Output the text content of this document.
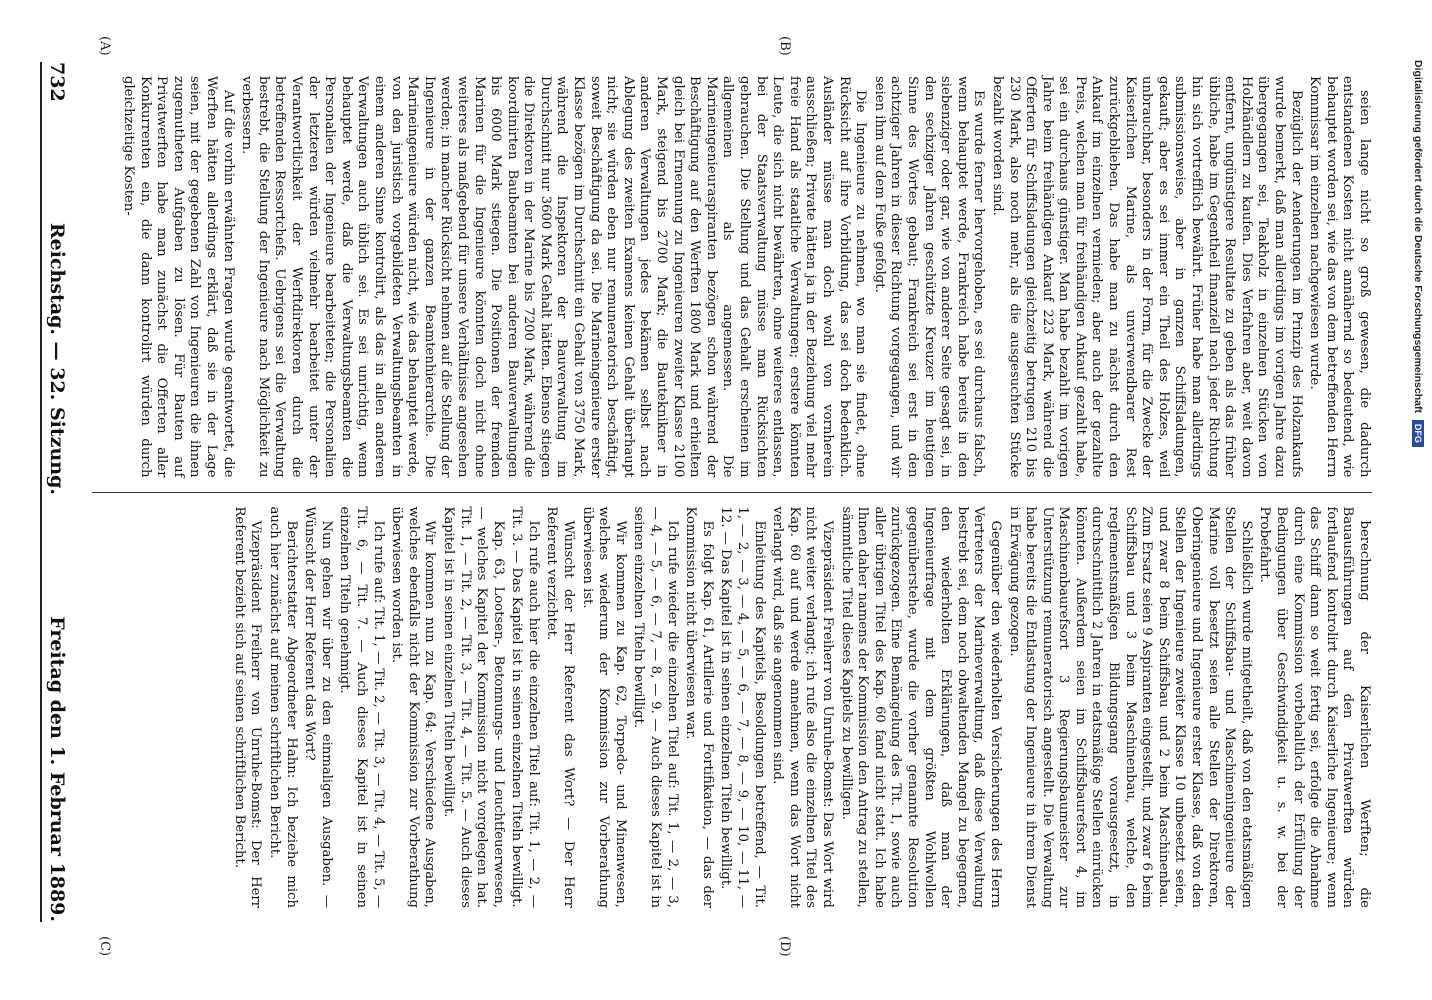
Digitalisierung gefördert durch die Deutsche Forschungsgemeinschaft DFG

seien lange nicht so groß gewesen, die dadurch entstandenen Kosten nicht annähernd so bedeutend, wie behauptet worden sei, wie das von dem betreffenden Herrn Kommissar im einzelnen nachgewiesen wurde.

Bezüglich der Aenderungen im Prinzip des Holzankaufs wurde bemerkt, daß man allerdings im vorigen Jahre dazu übergegangen sei, Teakholz in einzelnen Stücken von Holzhändlern zu kaufen. Dies Verfahren aber, weit davon entfernt, ungünstigere Resultate zu geben als das früher übliche, habe im Gegentheil finanziell nach jeder Richtung hin sich vortrefflich bewährt. Früher habe man allerdings submissionsweise, aber in ganzen Schiffsladungen, gekauft; aber es sei immer ein Theil des Holzes, weil unbrauchbar, besonders in der Form, für die Zwecke der Kaiserlichen Marine, als unverwendbarer Rest zurückgeblieben. Das habe man zu nächst durch den Ankauf im einzelnen vermieden; aber auch der gezahlte Preis, welchen man für freihändigen Ankauf gezahlt habe, sei ein durchaus günstiger. Man habe bezahlt im vorigen Jahre beim freihändigen Ankauf 223 Mark, während die Offerten für Schiffsladungen gleichzeitig betrugen 210 bis 230 Mark, also noch mehr, als die ausgesuchten Stücke bezahlt worden sind.

Es wurde ferner hervorgehoben, es sei durchaus falsch, wenn behauptet werde, Frankreich habe bereits in den siebenziger oder gar, wie von anderer Seite gesagt sei, in den sechziger Jahren geschützte Kreuzer im heutigen Sinne des Wortes gebaut; Frankreich sei erst in den achtziger Jahren in dieser Richtung vorgegangen, und wir seien ihm auf dem Fuße gefolgt.

Die Ingenieure zu nehmen, wo man sie findet, ohne Rücksicht auf ihre Vorbildung, das sei doch bedenklich. Ausländer müsse man doch wohl von vornherein ausschließen; Private hätten ja in der Beziehung viel mehr freie Hand als staatliche Verwaltungen; erstere könnten Leute, die sich nicht bewährten, ohne weiteres entlassen, bei der Staatsverwaltung müsse man Rücksichten gebrauchen. Die Stellung und das Gehalt erscheinen im allgemeinen als angemessen. Die Marineingenieuraspiranten bezögen schon während der Beschäftigung auf den Werften 1800 Mark und erhielten gleich bei Ernennung zu Ingenieuren zweiter Klasse 2100 Mark, steigend bis 2700 Mark; die Bauteknikner in anderen Verwaltungen jedes bekämen selbst nach Ablegung des zweiten Examens keinen Gehalt überhaupt nicht; sie würden eben nur remuneratorisch beschäftigt, soweit Beschäftigung da sei. Die Marineingenieure erster Klasse bezögen im Durchschnitt ein Gehalt von 3750 Mark, während die Inspektoren der Bauverwaltung im Durchschnitt nur 3600 Mark Gehalt hätten. Ebenso stiegen die Direktoren in der Marine bis 7200 Mark, während die koordinirten Baubeamten bei anderen Bauverwaltungen bis 6000 Mark stiegen. Die Positionen der fremden Marinen für die Ingenieure könnten doch nicht ohne weiteres als maßgebend für unsere Verhältnisse angesehen werden; in mancher Rücksicht nehmen auf die Stellung der Ingenieure in der ganzen Beamtenhierarchie. Die Marineingenieure würden nicht, wie das behauptet werde, von den juristisch vorgebildeten Verwaltungsbeamten in einem anderen Sinne kontrolirt, als das in allen anderen Verwaltungen auch üblich sei. Es sei unrichtig, wenn behauptet werde, daß die Verwaltungsbeamten die Personalien der Ingenieure bearbeiteten; die Personalien der letzteren würden vielmehr bearbeitet unter der Verantwortlichkeit der Werftdirektoren durch die betreffenden Ressortchefs. Uebrigens sei die Verwaltung bestrebt, die Stellung der Ingenieure nach Möglichkeit zu verbessern.

Auf die vorhin erwähnten Fragen wurde geantwortet, die Werften hätten allerdings erklärt, daß sie in der Lage seien, mit der gegebenen Zahl von Ingenieuren die ihnen zugemutheten Aufgaben zu lösen. Für Bauten auf Privatwerften habe man zunächst die Offerten aller Konkurrenten ein, die dann kontrolirt würden durch gleichzeitige Kosten-

berechnung der Kaiserlichen Werften; die Bauausführungen auf den Privatwerften würden fortlaufend kontrolirt durch Kaiserliche Ingenieure; wenn das Schiff dann so weit fertig sei, erfolge die Abnahme durch eine Kommission vorbehaltlich der Erfüllung der Bedingungen über Geschwindigkeit u. s. w. bei der Probefahrt.

Schließlich wurde mitgetheilt, daß von den etatsmäßigen Stellen der Schiffsbau- und Maschineningenieure der Marine voll besetzt seien alle Stellen der Direktoren, Oberingenieure und Ingenieure erster Klasse, daß von den Stellen der Ingenieure zweiter Klasse 10 unbesetzt seien, und zwar 8 beim Schiffsbau und 2 beim Maschinenbau. Zum Ersatz seien 9 Aspiranten eingestellt, und zwar 6 beim Schiffsbau und 3 beim Maschinenbau, welche, den reglementsmäßigen Bildungsgang vorausgesetzt, in durchschnittlich 2 Jahren in etatsmäßige Stellen einrücken könnten. Außerdem seien im Schiffsbaurefsort 4, im Maschinenbaurefsort 3 Regierungsbaumeister zur Unterstützung remuneratorisch angestellt. Die Verwaltung habe bereits die Entlastung der Ingenieure in ihrem Dienst in Erwägung gezogen.

Gegenüber den wiederholten Versicherungen des Herrn Vertreters der Marineverwaltung, daß diese Verwaltung bestrebt sei, dem noch obwaltenden Mangel zu begegnen, den wiederholten Erklärungen, daß man der Ingenieurfrage mit dem größten Wohlwollen gegenüberstehe, wurde die vorher genannte Resolution zurückgezogen. Eine Bemängelung des Tit. 1, sowie auch aller übrigen Titel des Kap. 60 fand nicht statt. Ich habe Ihnen daher namens der Kommission den Antrag zu stellen, sämmtliche Titel dieses Kapitels zu bewilligen.

Vizepräsident Freiherr von Unruhe-Bomst: Das Wort wird nicht weiter verlangt; ich rufe also die einzelnen Titel des Kap. 60 auf und werde annehmen, wenn das Wort nicht verlangt wird, daß sie angenommen sind.

Einleitung des Kapitels, Besoldungen betreffend, — Tit. 1, — 2, — 3, — 4, — 5, — 6, — 7, — 8, — 9, — 10, — 11, — 12. — Das Kapitel ist in seinen einzelnen Titeln bewilligt.

Es folgt Kap. 61, Artillerie und Fortifikation, — das der Kommission nicht überwiesen war.

Ich rufe wieder die einzelnen Titel auf: Tit. 1, — 2, — 3, — 4, — 5, — 6, — 7, — 8, — 9. — Auch dieses Kapitel ist in seinen einzelnen Titeln bewilligt.

Wir kommen zu Kap. 62, Torpedo- und Minenwesen, welches wiederum der Kommission zur Vorberathung überwiesen ist.

Wünscht der Herr Referent das Wort? — Der Herr Referent verzichtet.

Ich rufe auch hier die einzelnen Titel auf: Tit. 1, — 2, — Tit. 3. — Das Kapitel ist in seinen einzelnen Titeln bewilligt.

Kap. 63, Lootsen-, Betonnungs- und Leuchtfeuerwesen, — welches Kapitel der Kommission nicht vorgelegen hat. Tit. 1, — Tit. 2, — Tit. 3, — Tit. 4, — Tit. 5. — Auch dieses Kapitel ist in seinen einzelnen Titeln bewilligt.

Wir kommen nun zu Kap. 64: Verschiedene Ausgaben, welches ebenfalls nicht der Kommission zur Vorberathung überwiesen worden ist.

Ich rufe auf: Tit. 1, — Tit. 2, — Tit. 3, — Tit. 4, — Tit. 5, — Tit. 6, — Tit. 7. — Auch dieses Kapitel ist in seinen einzelnen Titeln genehmigt.

Nun gehen wir über zu den einmaligen Ausgaben. — Wünscht der Herr Referent das Wort?

Berichterstatter Abgeordneter Hahn: Ich beziehe mich auch hier zunächst auf meinen schriftlichen Bericht.

Vizepräsident Freiherr von Unruhe-Bomst: Der Herr Referent bezieht sich auf seinen schriftlichen Bericht.

(A)	(B)
(C)	(D)
732
Reichstag. — 32. Sitzung.
Freitag den 1. Februar 1889.
